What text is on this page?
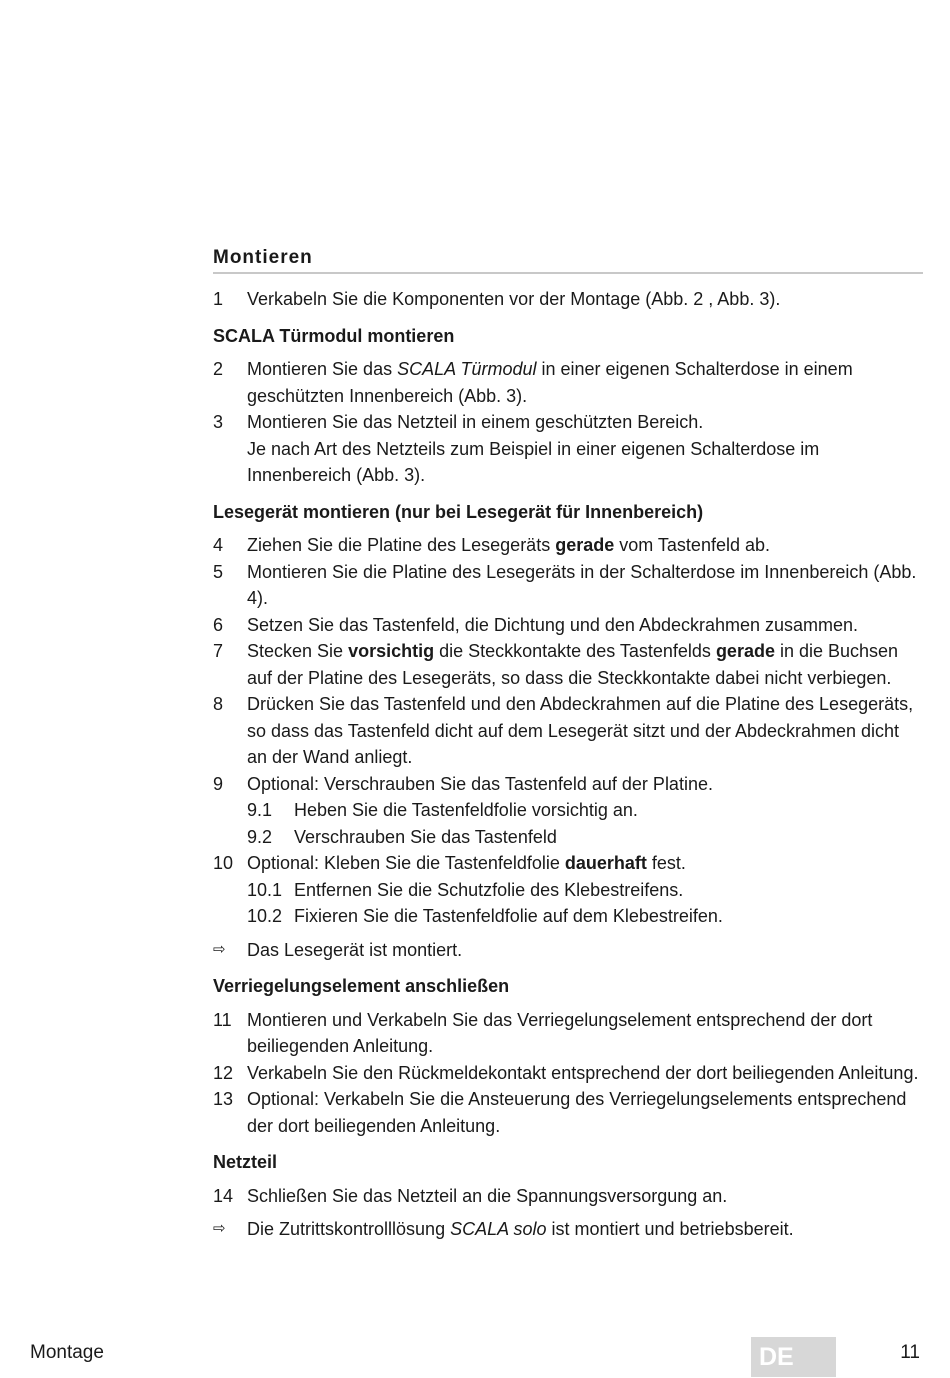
Montieren
1	Verkabeln Sie die Komponenten vor der Montage (Abb. 2 , Abb. 3).
SCALA Türmodul montieren
2	Montieren Sie das SCALA Türmodul in einer eigenen Schalterdose in einem geschützten Innenbereich (Abb. 3).
3	Montieren Sie das Netzteil in einem geschützten Bereich.
Je nach Art des Netzteils zum Beispiel in einer eigenen Schalterdose im Innenbereich (Abb. 3).
Lesegerät montieren (nur bei Lesegerät für Innenbereich)
4	Ziehen Sie die Platine des Lesegeräts gerade vom Tastenfeld ab.
5	Montieren Sie die Platine des Lesegeräts in der Schalterdose im Innenbereich (Abb. 4).
6	Setzen Sie das Tastenfeld, die Dichtung und den Abdeckrahmen zusammen.
7	Stecken Sie vorsichtig die Steckkontakte des Tastenfelds gerade in die Buchsen auf der Platine des Lesegeräts, so dass die Steckkontakte dabei nicht verbiegen.
8	Drücken Sie das Tastenfeld und den Abdeckrahmen auf die Platine des Lesegeräts, so dass das Tastenfeld dicht auf dem Lesegerät sitzt und der Abdeckrahmen dicht an der Wand anliegt.
9	Optional: Verschrauben Sie das Tastenfeld auf der Platine.
9.1	Heben Sie die Tastenfeldfolie vorsichtig an.
9.2	Verschrauben Sie das Tastenfeld
10 Optional: Kleben Sie die Tastenfeldfolie dauerhaft fest.
10.1 Entfernen Sie die Schutzfolie des Klebestreifens.
10.2 Fixieren Sie die Tastenfeldfolie auf dem Klebestreifen.
⇨	Das Lesegerät ist montiert.
Verriegelungselement anschließen
11 Montieren und Verkabeln Sie das Verriegelungselement entsprechend der dort beiliegenden Anleitung.
12 Verkabeln Sie den Rückmeldekontakt entsprechend der dort beiliegenden Anleitung.
13 Optional: Verkabeln Sie die Ansteuerung des Verriegelungselements entsprechend der dort beiliegenden Anleitung.
Netzteil
14 Schließen Sie das Netzteil an die Spannungsversorgung an.
⇨	Die Zutrittskontrolllösung SCALA solo ist montiert und betriebsbereit.
Montage	DE	11
